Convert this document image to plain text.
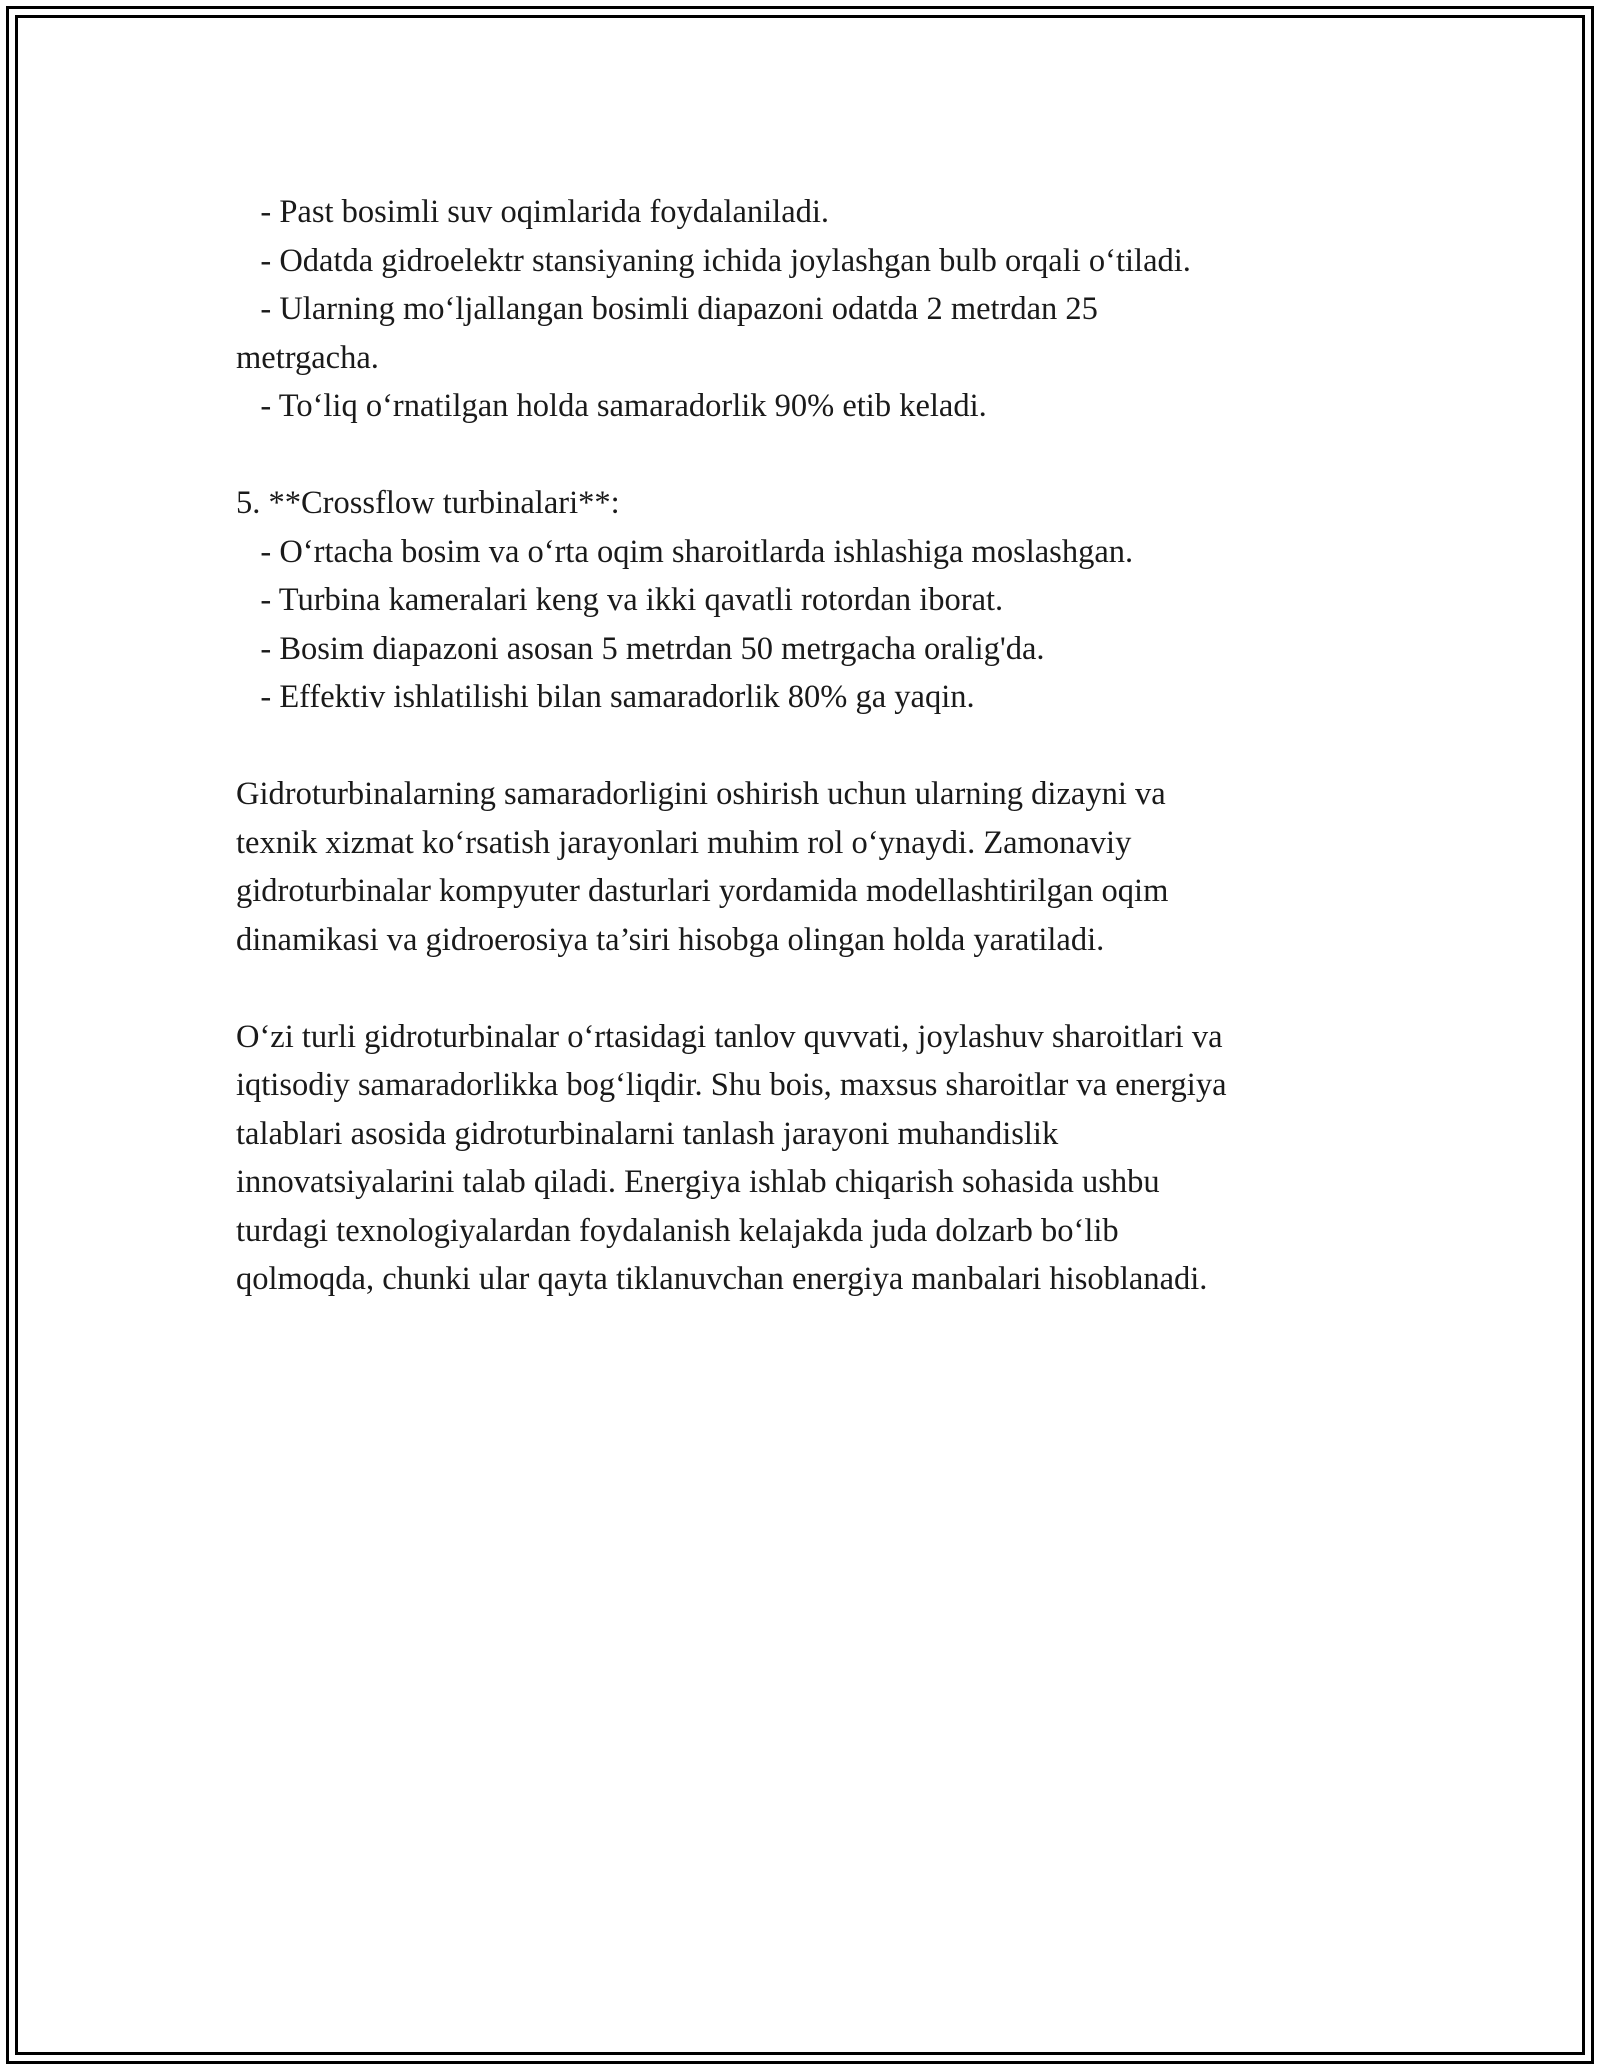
- Past bosimli suv oqimlarida foydalaniladi.

- Odatda gidroelektr stansiyaning ichida joylashgan bulb orqali o‘tiladi.

- Ularning mo‘ljallangan bosimli diapazoni odatda 2 metrdan 25

metrgacha.

- To‘liq o‘rnatilgan holda samaradorlik 90% etib keladi.

5. **Crossflow turbinalari**:

- O‘rtacha bosim va o‘rta oqim sharoitlarda ishlashiga moslashgan.

- Turbina kameralari keng va ikki qavatli rotordan iborat.

- Bosim diapazoni asosan 5 metrdan 50 metrgacha oralig'da.

- Effektiv ishlatilishi bilan samaradorlik 80% ga yaqin.

Gidroturbinalarning samaradorligini oshirish uchun ularning dizayni va

texnik xizmat ko‘rsatish jarayonlari muhim rol o‘ynaydi. Zamonaviy

gidroturbinalar kompyuter dasturlari yordamida modellashtirilgan oqim

dinamikasi va gidroerosiya ta’siri hisobga olingan holda yaratiladi.

O‘zi turli gidroturbinalar o‘rtasidagi tanlov quvvati, joylashuv sharoitlari va

iqtisodiy samaradorlikka bog‘liqdir. Shu bois, maxsus sharoitlar va energiya

talablari asosida gidroturbinalarni tanlash jarayoni muhandislik

innovatsiyalarini talab qiladi. Energiya ishlab chiqarish sohasida ushbu

turdagi texnologiyalardan foydalanish kelajakda juda dolzarb bo‘lib

qolmoqda, chunki ular qayta tiklanuvchan energiya manbalari hisoblanadi.
